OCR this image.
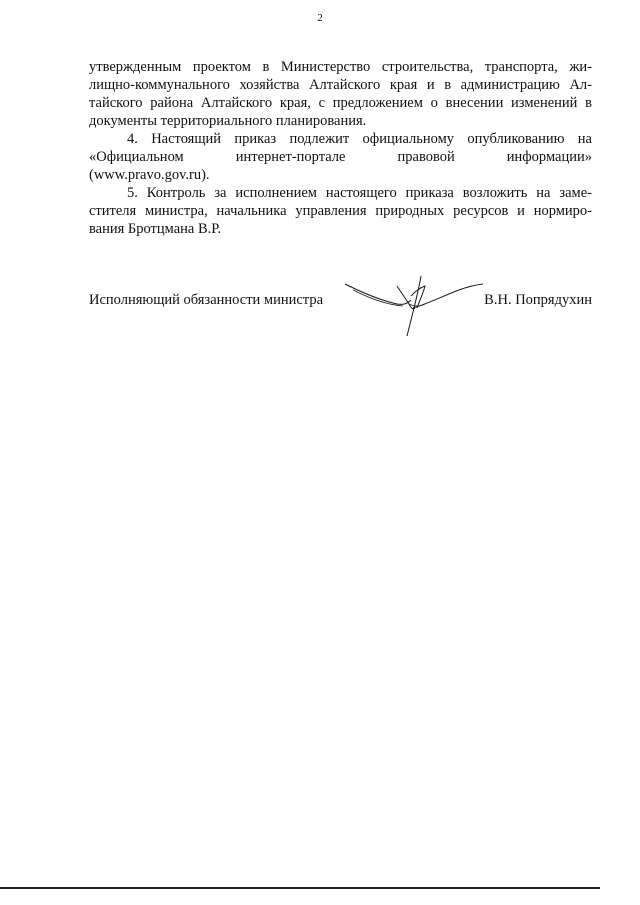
2

утвержденным проектом в Министерство строительства, транспорта, жи-

лищно-коммунального хозяйства Алтайского края и в администрацию Ал-

тайского района Алтайского края, с предложением о внесении изменений в

документы территориального планирования.

4. Настоящий приказ подлежит официальному опубликованию на

«Официальном интернет-портале правовой информации»

(www.pravo.gov.ru).

5. Контроль за исполнением настоящего приказа возложить на заме-

стителя министра, начальника управления природных ресурсов и нормиро-

вания Бротцмана В.Р.

Исполняющий обязанности министра	В.Н. Попрядухин
